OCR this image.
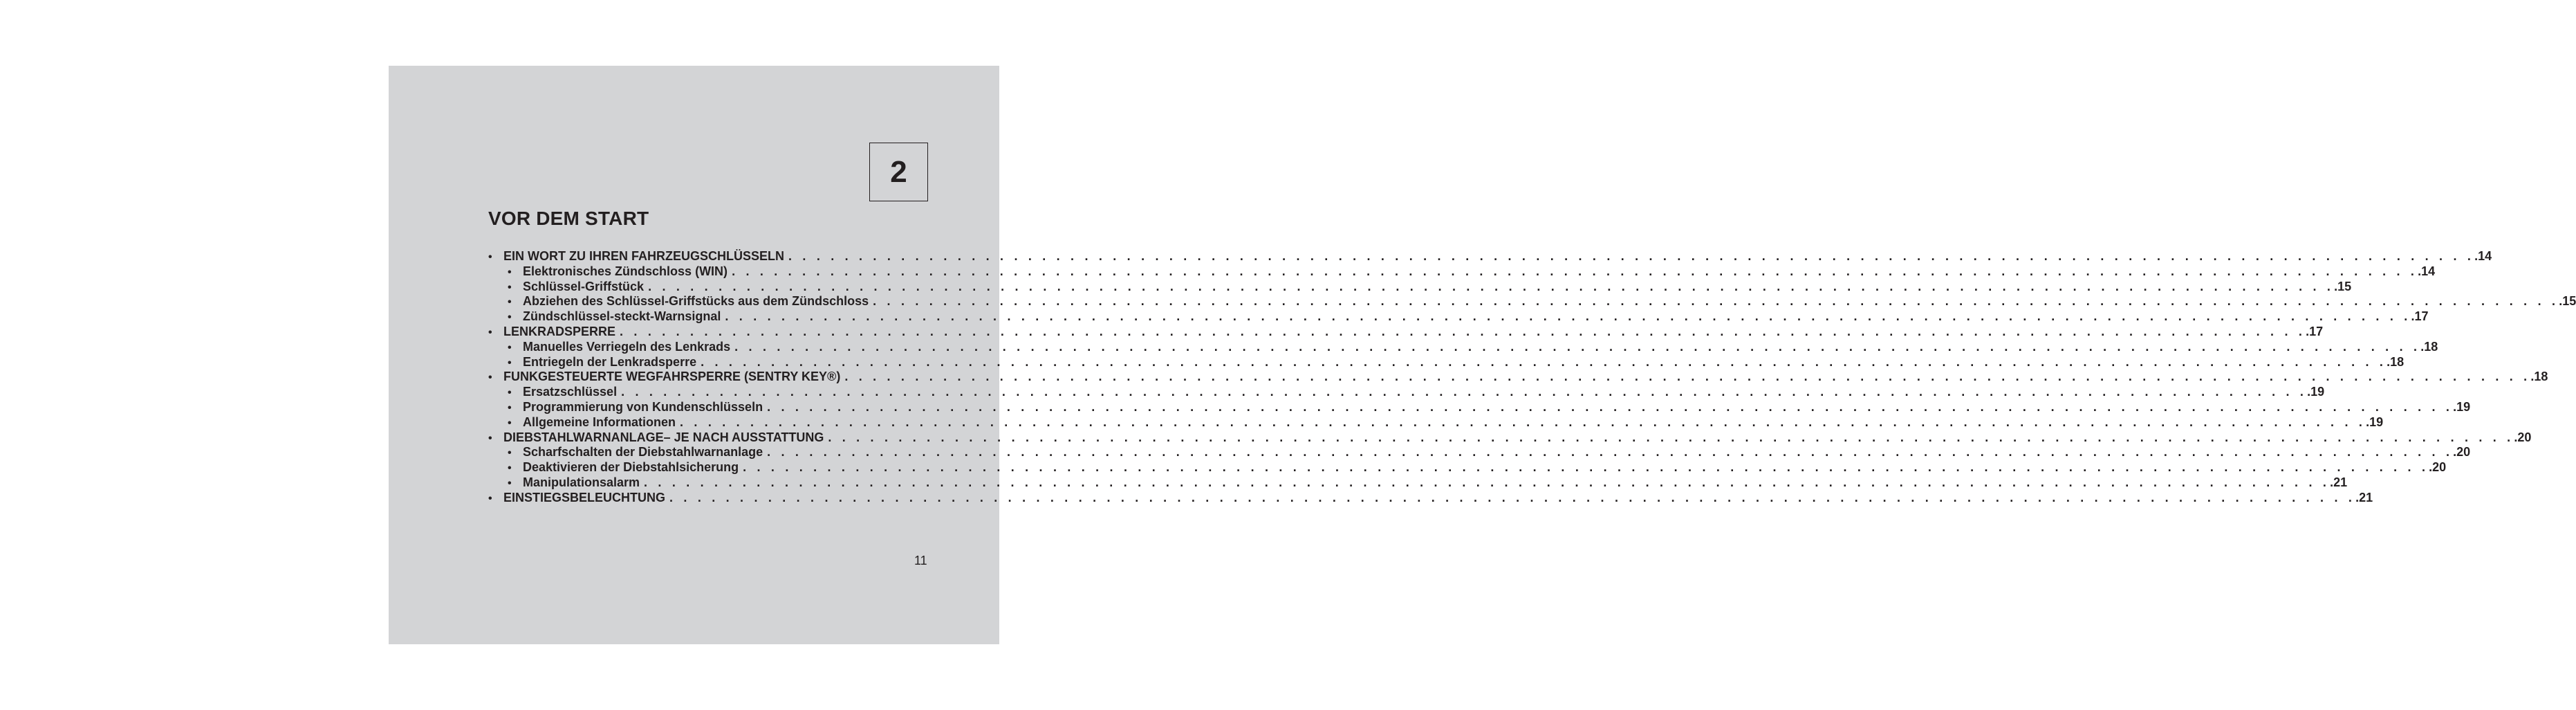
2
VOR DEM START
• EIN WORT ZU IHREN FAHRZEUGSCHLÜSSELN . . . . . . . . . . . . . . . . . . . . . . . . . . . . . . . . . . . . . . . . . . . . . . . . . . . . . . . . . . . . . . . . . . . . . . . . . . . . . . . . . . . . . . . . . . . . . . . . . . . . . . . . . . . . . . . . . . . . . . . . .14
• Elektronisches Zündschloss (WIN) . . . . . . . . . . . . . . . . . . . . . . . . . . . . . . . . . . . . . . . . . . . . . . . . . . . . . . . . . . . . . . . . . . . . . . . . . . . . . . . . . . . . . . . . . . . . . . . . . . . . . . . . . . . . . . . . . . . . . . . . .14
• Schlüssel-Griffstück . . . . . . . . . . . . . . . . . . . . . . . . . . . . . . . . . . . . . . . . . . . . . . . . . . . . . . . . . . . . . . . . . . . . . . . . . . . . . . . . . . . . . . . . . . . . . . . . . . . . . . . . . . . . . . . . . . . . . . . . .15
• Abziehen des Schlüssel-Griffstücks aus dem Zündschloss . . . . . . . . . . . . . . . . . . . . . . . . . . . . . . . . . . . . . . . . . . . . . . . . . . . . . . . . . . . . . . . . . . . . . . . . . . . . . . . . . . . . . . . . . . . . . . . . . . . . . . . . . . . . . . . . . . . . . . . . .15
• Zündschlüssel-steckt-Warnsignal . . . . . . . . . . . . . . . . . . . . . . . . . . . . . . . . . . . . . . . . . . . . . . . . . . . . . . . . . . . . . . . . . . . . . . . . . . . . . . . . . . . . . . . . . . . . . . . . . . . . . . . . . . . . . . . . . . . . . . . . .17
• LENKRADSPERRE . . . . . . . . . . . . . . . . . . . . . . . . . . . . . . . . . . . . . . . . . . . . . . . . . . . . . . . . . . . . . . . . . . . . . . . . . . . . . . . . . . . . . . . . . . . . . . . . . . . . . . . . . . . . . . . . . . . . . . . . .17
• Manuelles Verriegeln des Lenkrads . . . . . . . . . . . . . . . . . . . . . . . . . . . . . . . . . . . . . . . . . . . . . . . . . . . . . . . . . . . . . . . . . . . . . . . . . . . . . . . . . . . . . . . . . . . . . . . . . . . . . . . . . . . . . . . . . . . . . . . . .18
• Entriegeln der Lenkradsperre . . . . . . . . . . . . . . . . . . . . . . . . . . . . . . . . . . . . . . . . . . . . . . . . . . . . . . . . . . . . . . . . . . . . . . . . . . . . . . . . . . . . . . . . . . . . . . . . . . . . . . . . . . . . . . . . . . . . . . . . .18
• FUNKGESTEUERTE WEGFAHRSPERRE (SENTRY KEY®) . . . . . . . . . . . . . . . . . . . . . . . . . . . . . . . . . . . . . . . . . . . . . . . . . . . . . . . . . . . . . . . . . . . . . . . . . . . . . . . . . . . . . . . . . . . . . . . . . . . . . . . . . . . . . . . . . . . . . . . . .18
• Ersatzschlüssel . . . . . . . . . . . . . . . . . . . . . . . . . . . . . . . . . . . . . . . . . . . . . . . . . . . . . . . . . . . . . . . . . . . . . . . . . . . . . . . . . . . . . . . . . . . . . . . . . . . . . . . . . . . . . . . . . . . . . . . . .19
• Programmierung von Kundenschlüsseln . . . . . . . . . . . . . . . . . . . . . . . . . . . . . . . . . . . . . . . . . . . . . . . . . . . . . . . . . . . . . . . . . . . . . . . . . . . . . . . . . . . . . . . . . . . . . . . . . . . . . . . . . . . . . . . . . . . . . . . . .19
• Allgemeine Informationen . . . . . . . . . . . . . . . . . . . . . . . . . . . . . . . . . . . . . . . . . . . . . . . . . . . . . . . . . . . . . . . . . . . . . . . . . . . . . . . . . . . . . . . . . . . . . . . . . . . . . . . . . . . . . . . . . . . . . . . . .19
• DIEBSTAHLWARNANLAGE– JE NACH AUSSTATTUNG . . . . . . . . . . . . . . . . . . . . . . . . . . . . . . . . . . . . . . . . . . . . . . . . . . . . . . . . . . . . . . . . . . . . . . . . . . . . . . . . . . . . . . . . . . . . . . . . . . . . . . . . . . . . . . . . . . . . . . . . .20
• Scharfschalten der Diebstahlwarnanlage . . . . . . . . . . . . . . . . . . . . . . . . . . . . . . . . . . . . . . . . . . . . . . . . . . . . . . . . . . . . . . . . . . . . . . . . . . . . . . . . . . . . . . . . . . . . . . . . . . . . . . . . . . . . . . . . . . . . . . . . .20
• Deaktivieren der Diebstahlsicherung . . . . . . . . . . . . . . . . . . . . . . . . . . . . . . . . . . . . . . . . . . . . . . . . . . . . . . . . . . . . . . . . . . . . . . . . . . . . . . . . . . . . . . . . . . . . . . . . . . . . . . . . . . . . . . . . . . . . . . . . .20
• Manipulationsalarm . . . . . . . . . . . . . . . . . . . . . . . . . . . . . . . . . . . . . . . . . . . . . . . . . . . . . . . . . . . . . . . . . . . . . . . . . . . . . . . . . . . . . . . . . . . . . . . . . . . . . . . . . . . . . . . . . . . . . . . . .21
• EINSTIEGSBELEUCHTUNG . . . . . . . . . . . . . . . . . . . . . . . . . . . . . . . . . . . . . . . . . . . . . . . . . . . . . . . . . . . . . . . . . . . . . . . . . . . . . . . . . . . . . . . . . . . . . . . . . . . . . . . . . . . . . . . . . . . . . . . . .21
11
